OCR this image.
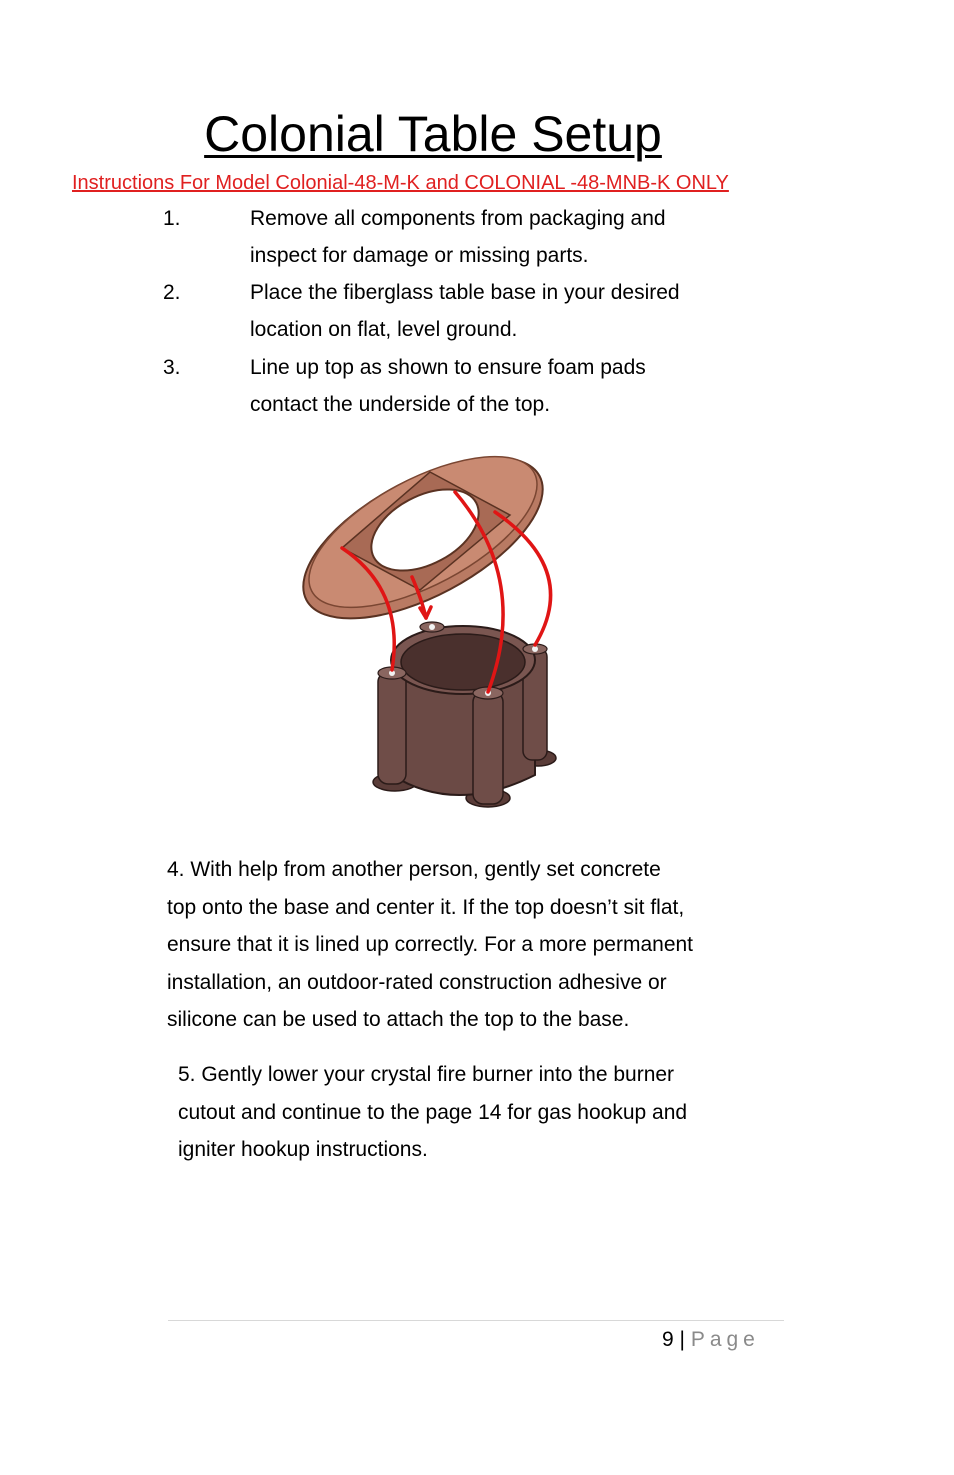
Colonial Table Setup

Instructions For Model Colonial-48-M-K and COLONIAL -48-MNB-K ONLY

1.	Remove all components from packaging and
inspect for damage or missing parts.
2.	Place the fiberglass table base in your desired
location on flat, level ground.
3.	Line up top as shown to ensure foam pads
contact the underside of the top.
4. With help from another person, gently set concrete
top onto the base and center it. If the top doesn’t sit flat,
ensure that it is lined up correctly. For a more permanent
installation, an outdoor-rated construction adhesive or
silicone can be used to attach the top to the base.
5. Gently lower your crystal fire burner into the burner
cutout and continue to the page 14 for gas hookup and
igniter hookup instructions.
9 | Page
